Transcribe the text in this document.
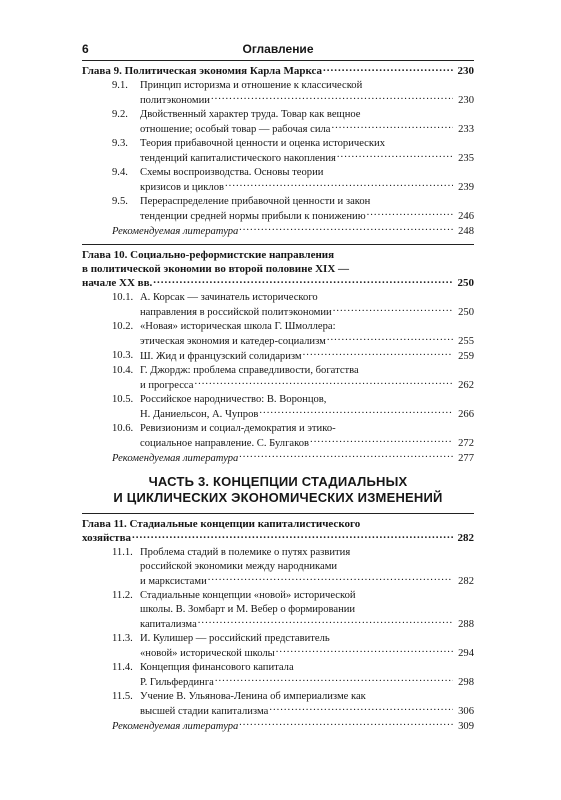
6	Оглавление
Глава 9. Политическая экономия Карла Маркса .....	230
9.1. Принцип историзма и отношение к классической
политэкономии .....	230
9.2. Двойственный характер труда. Товар как вещное
отношение; особый товар — рабочая сила .....	233
9.3. Теория прибавочной ценности и оценка исторических
тенденций капиталистического накопления .....	235
9.4. Схемы воспроизводства. Основы теории
кризисов и циклов .....	239
9.5. Перераспределение прибавочной ценности и закон
тенденции средней нормы прибыли к понижению .....	246
Рекомендуемая литература .....	248
Глава 10. Социально-реформистские направления
в политической экономии во второй половине XIX —
начале XX вв. .....	250
10.1. А. Корсак — зачинатель исторического
направления в российской политэкономии .....	250
10.2. «Новая» историческая школа Г. Шмоллера:
этическая экономия и катедер-социализм .....	255
10.3. Ш. Жид и французский солидаризм .....	259
10.4. Г. Джордж: проблема справедливости, богатства
и прогресса .....	262
10.5. Российское народничество: В. Воронцов,
Н. Даниельсон, А. Чупров .....	266
10.6. Ревизионизм и социал-демократия и этико-
социальное направление. С. Булгаков .....	272
Рекомендуемая литература .....	277
ЧАСТЬ 3. КОНЦЕПЦИИ СТАДИАЛЬНЫХ
И ЦИКЛИЧЕСКИХ ЭКОНОМИЧЕСКИХ ИЗМЕНЕНИЙ
Глава 11. Стадиальные концепции капиталистического
хозяйства .....	282
11.1. Проблема стадий в полемике о путях развития
российской экономики между народниками
и марксистами .....	282
11.2. Стадиальные концепции «новой» исторической
школы. В. Зомбарт и М. Вебер о формировании
капитализма .....	288
11.3. И. Кулишер — российский представитель
«новой» исторической школы .....	294
11.4. Концепция финансового капитала
Р. Гильфердинга .....	298
11.5. Учение В. Ульянова-Ленина об империализме как
высшей стадии капитализма .....	306
Рекомендуемая литература .....	309
